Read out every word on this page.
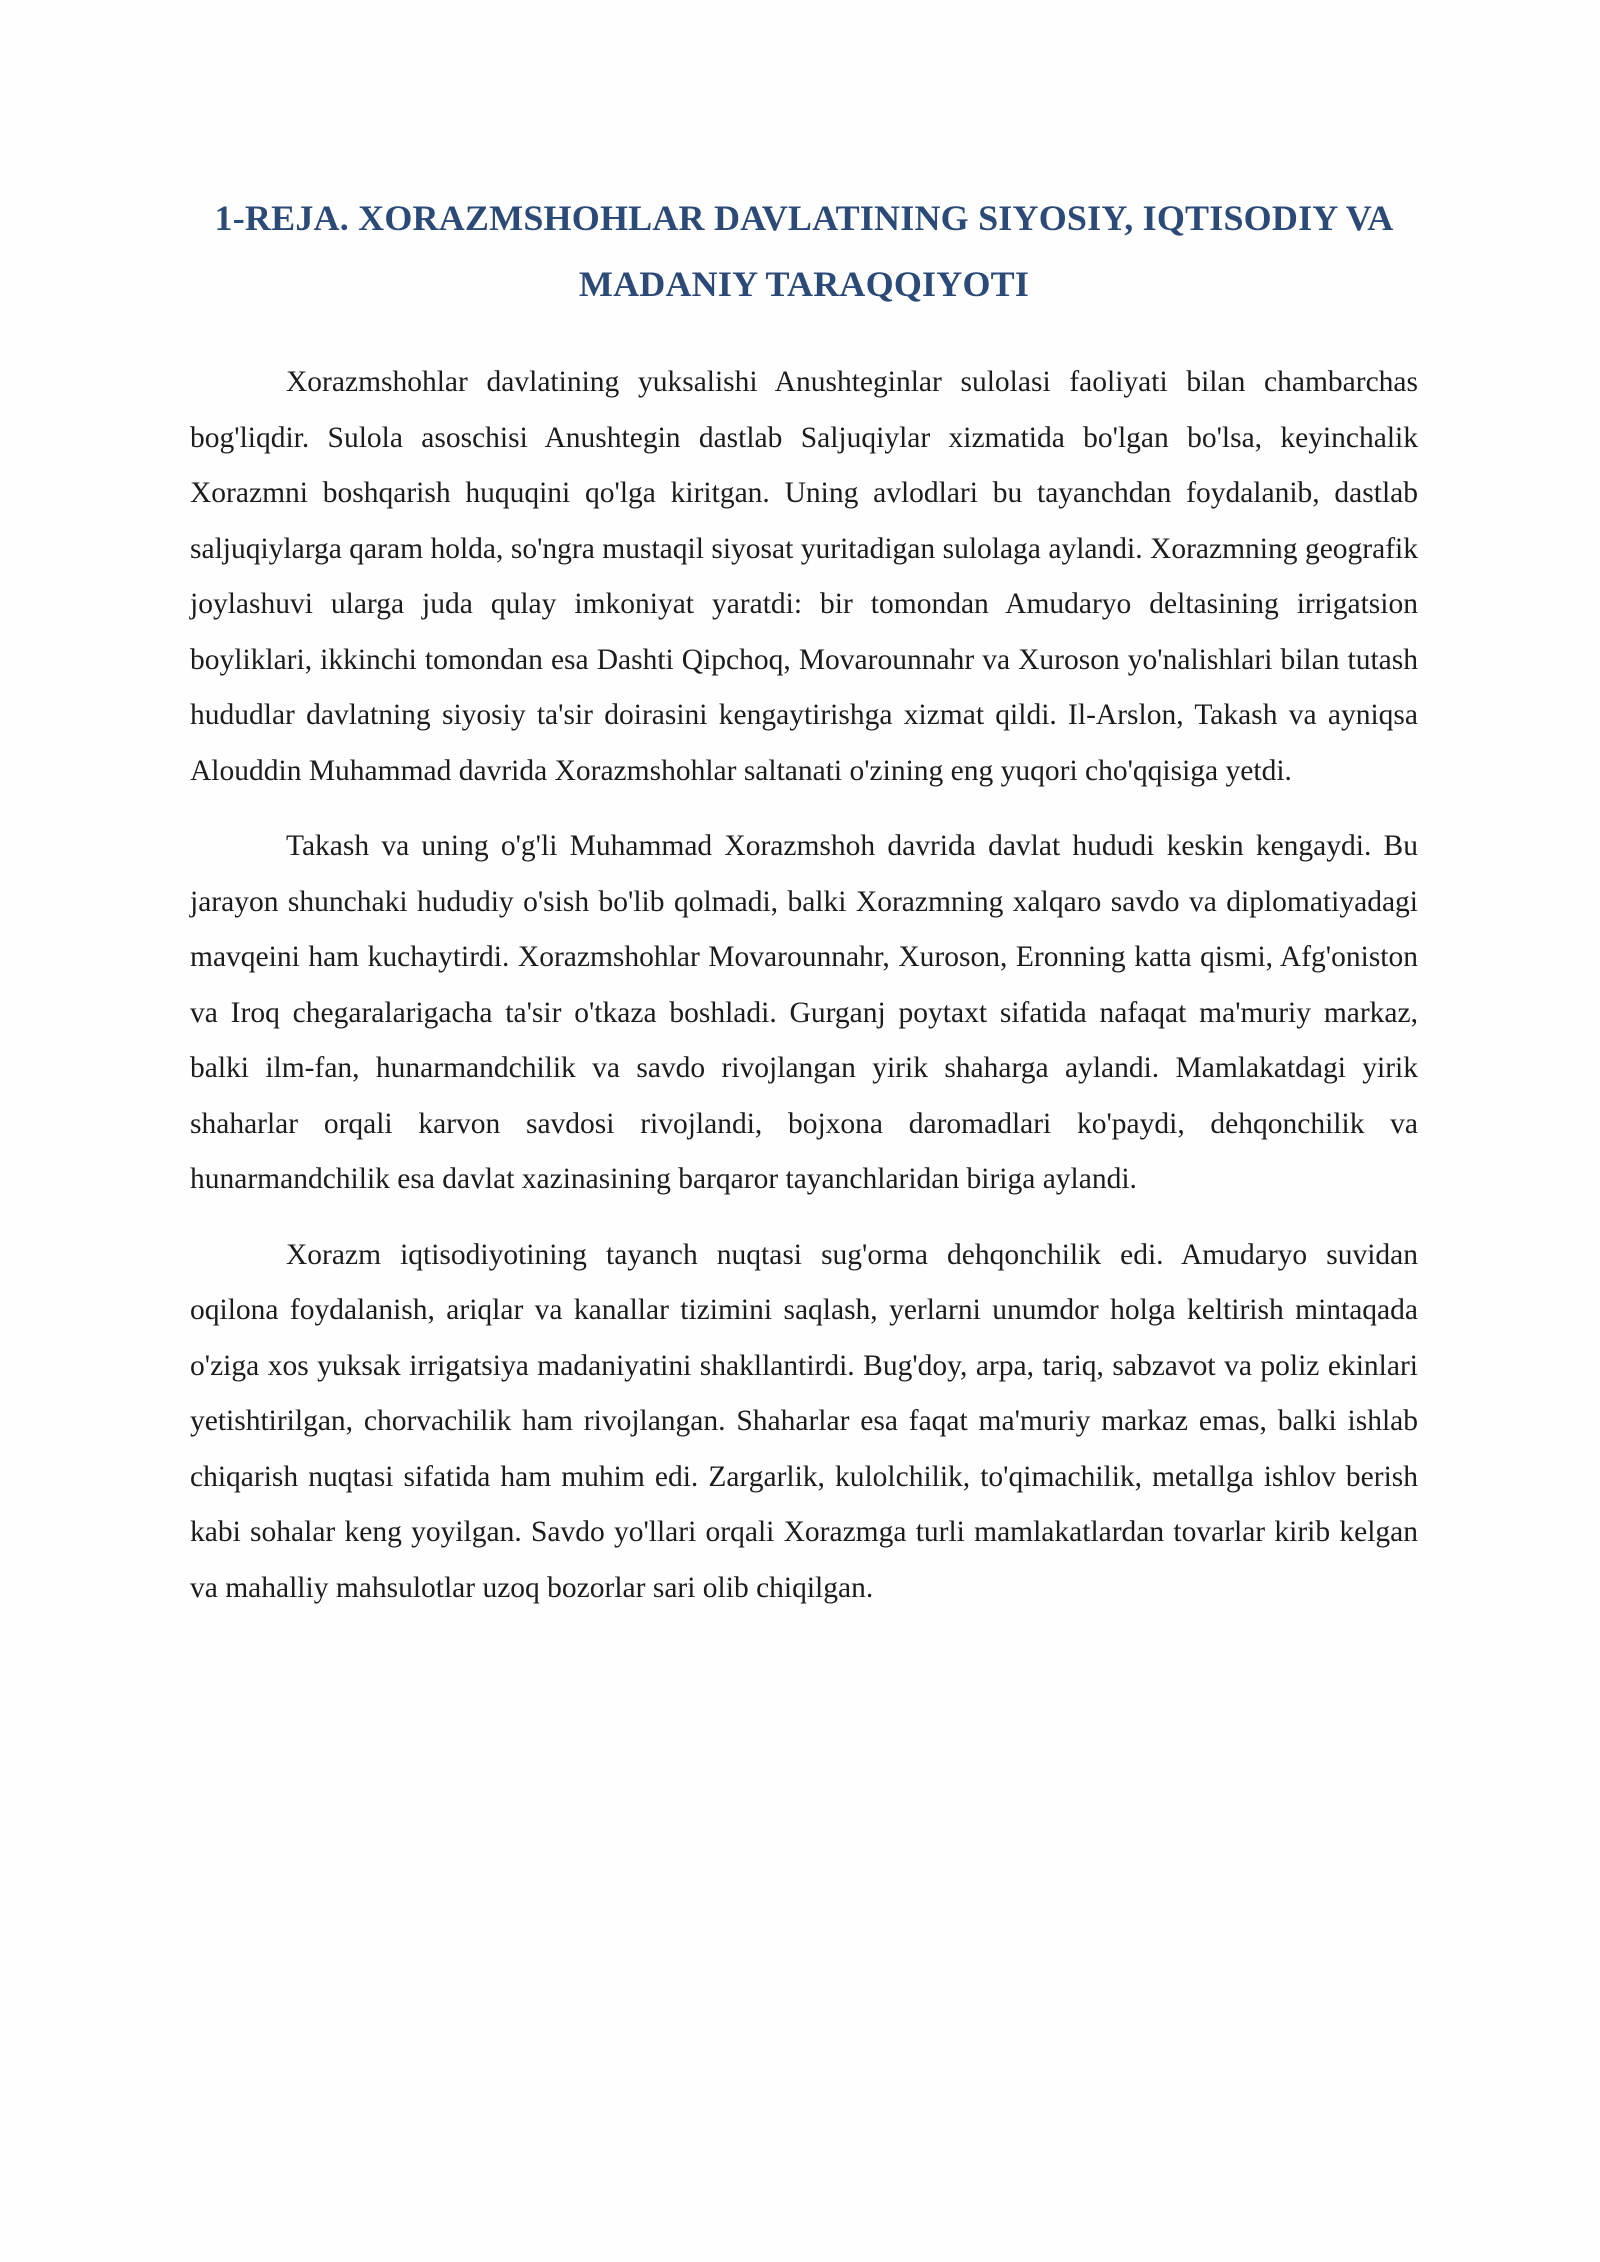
1-REJA. XORAZMSHOHLAR DAVLATINING SIYOSIY, IQTISODIY VA
MADANIY TARAQQIYOTI

Xorazmshohlar davlatining yuksalishi Anushteginlar sulolasi faoliyati bilan chambarchas bog'liqdir. Sulola asoschisi Anushtegin dastlab Saljuqiylar xizmatida bo'lgan bo'lsa, keyinchalik Xorazmni boshqarish huquqini qo'lga kiritgan. Uning avlodlari bu tayanchdan foydalanib, dastlab saljuqiylarga qaram holda, so'ngra mustaqil siyosat yuritadigan sulolaga aylandi. Xorazmning geografik joylashuvi ularga juda qulay imkoniyat yaratdi: bir tomondan Amudaryo deltasining irrigatsion boyliklari, ikkinchi tomondan esa Dashti Qipchoq, Movarounnahr va Xuroson yo'nalishlari bilan tutash hududlar davlatning siyosiy ta'sir doirasini kengaytirishga xizmat qildi. Il-Arslon, Takash va ayniqsa Alouddin Muhammad davrida Xorazmshohlar saltanati o'zining eng yuqori cho'qqisiga yetdi.

Takash va uning o'g'li Muhammad Xorazmshoh davrida davlat hududi keskin kengaydi. Bu jarayon shunchaki hududiy o'sish bo'lib qolmadi, balki Xorazmning xalqaro savdo va diplomatiyadagi mavqeini ham kuchaytirdi. Xorazmshohlar Movarounnahr, Xuroson, Eronning katta qismi, Afg'oniston va Iroq chegaralarigacha ta'sir o'tkaza boshladi. Gurganj poytaxt sifatida nafaqat ma'muriy markaz, balki ilm-fan, hunarmandchilik va savdo rivojlangan yirik shaharga aylandi. Mamlakatdagi yirik shaharlar orqali karvon savdosi rivojlandi, bojxona daromadlari ko'paydi, dehqonchilik va hunarmandchilik esa davlat xazinasining barqaror tayanchlaridan biriga aylandi.

Xorazm iqtisodiyotining tayanch nuqtasi sug'orma dehqonchilik edi. Amudaryo suvidan oqilona foydalanish, ariqlar va kanallar tizimini saqlash, yerlarni unumdor holga keltirish mintaqada o'ziga xos yuksak irrigatsiya madaniyatini shakllantirdi. Bug'doy, arpa, tariq, sabzavot va poliz ekinlari yetishtirilgan, chorvachilik ham rivojlangan. Shaharlar esa faqat ma'muriy markaz emas, balki ishlab chiqarish nuqtasi sifatida ham muhim edi. Zargarlik, kulolchilik, to'qimachilik, metallga ishlov berish kabi sohalar keng yoyilgan. Savdo yo'llari orqali Xorazmga turli mamlakatlardan tovarlar kirib kelgan va mahalliy mahsulotlar uzoq bozorlar sari olib chiqilgan.
